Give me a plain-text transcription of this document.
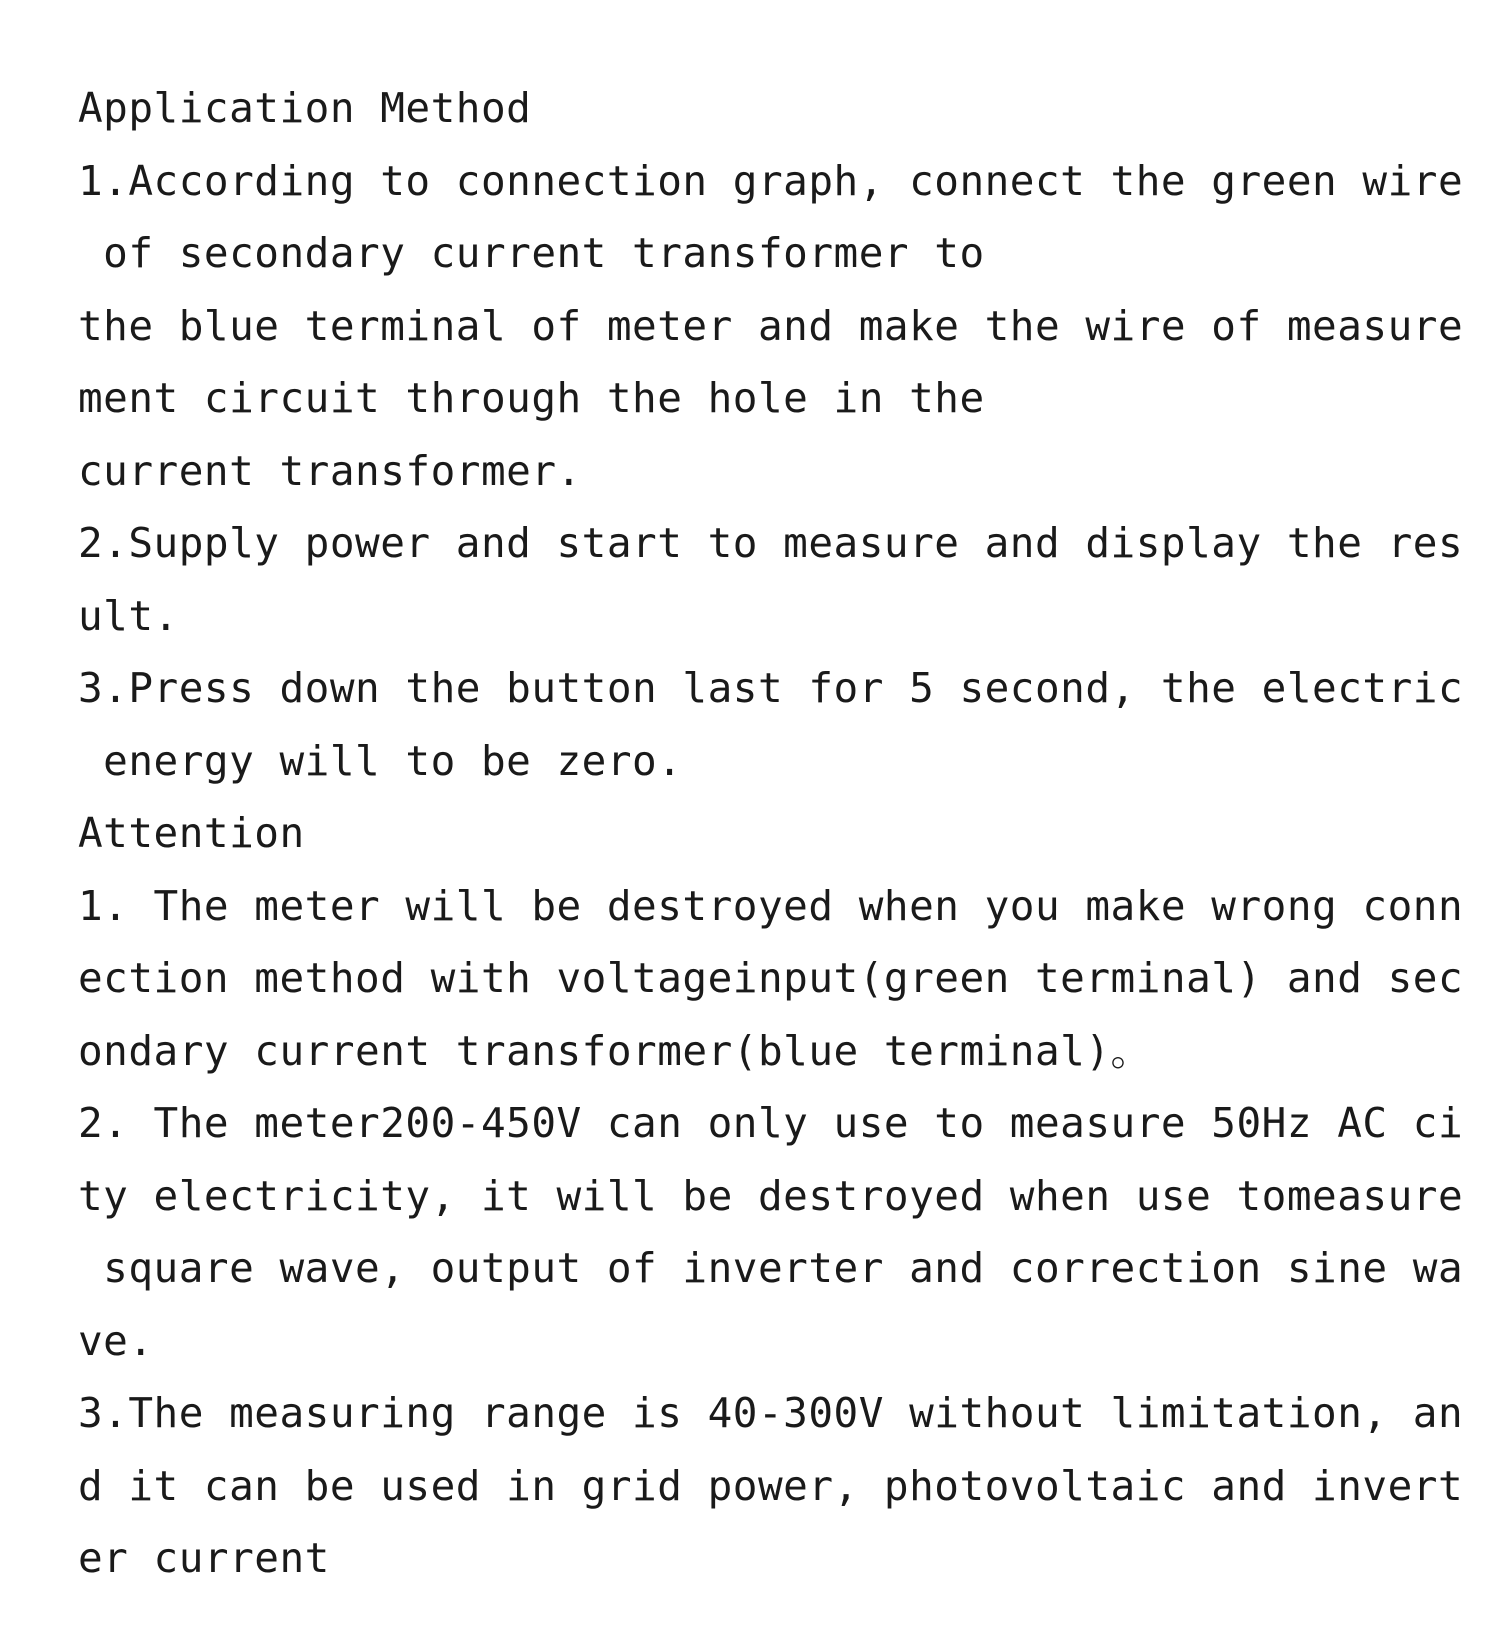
Application Method
1.According to connection graph, connect the green wire
of secondary current transformer to
the blue terminal of meter and make the wire of measure
ment circuit through the hole in the
current transformer.
2.Supply power and start to measure and display the res
ult.
3.Press down the button last for 5 second, the electric
energy will to be zero.
Attention
1. The meter will be destroyed when you make wrong conn
ection method with voltageinput(green terminal) and sec
ondary current transformer(blue terminal)。
2. The meter200-450V can only use to measure 50Hz AC ci
ty electricity, it will be destroyed when use tomeasure
square wave, output of inverter and correction sine wa
ve.
3.The measuring range is 40-300V without limitation, an
d it can be used in grid power, photovoltaic and invert
er current
